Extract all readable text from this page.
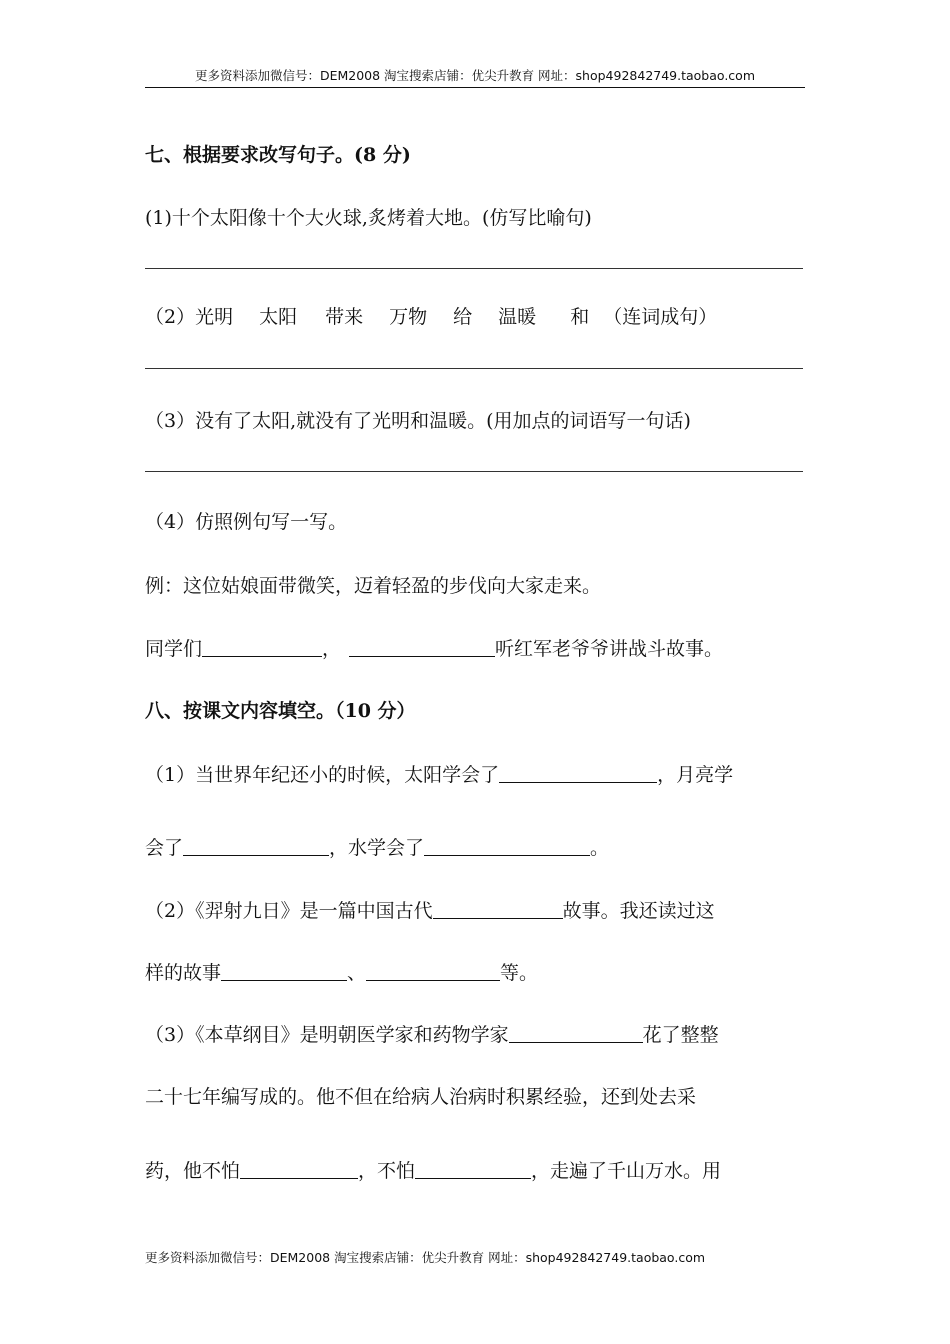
更多资料添加微信号：DEM2008 淘宝搜索店铺：优尖升教育 网址：shop492842749.taobao.com
七、根据要求改写句子。(8 分)
(1)十个太阳像十个大火球,炙烤着大地。(仿写比喻句)
（2）光明 太阳 带来 万物 给 温暖 和 （连词成句）
（3）没有了太阳,就没有了光明和温暖。(用加点的词语写一句话)
（4）仿照例句写一写。
例：这位姑娘面带微笑，迈着轻盈的步伐向大家走来。
同学们	，	听红军老爷爷讲战斗故事。
八、按课文内容填空。（10 分）
（1）当世界年纪还小的时候，太阳学会了	，月亮学
会了	，水学会了	。
（2）《羿射九日》是一篇中国古代	故事。我还读过这
样的故事	、	等。
（3）《本草纲目》是明朝医学家和药物学家	花了整整
二十七年编写成的。他不但在给病人治病时积累经验，还到处去采
药，他不怕	，不怕	，走遍了千山万水。用
更多资料添加微信号：DEM2008 淘宝搜索店铺：优尖升教育 网址：shop492842749.taobao.com
